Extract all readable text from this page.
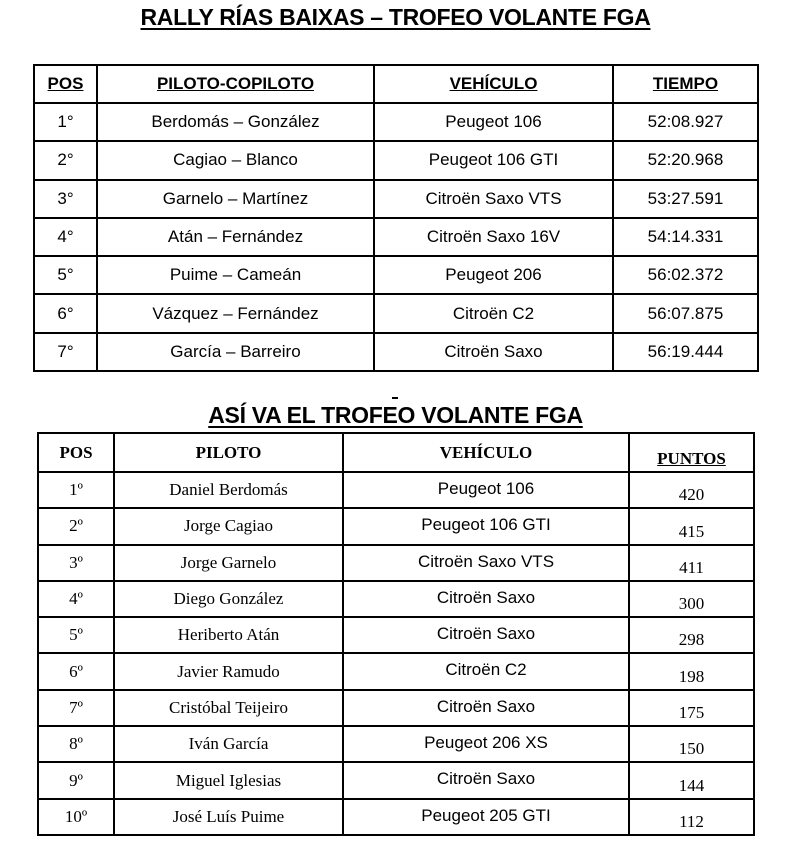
RALLY RÍAS BAIXAS – TROFEO VOLANTE FGA
POS	PILOTO-COPILOTO	VEHÍCULO	TIEMPO
1°	Berdomás – González	Peugeot 106	52:08.927
2°	Cagiao – Blanco	Peugeot 106 GTI	52:20.968
3°	Garnelo – Martínez	Citroën Saxo VTS	53:27.591
4°	Atán – Fernández	Citroën Saxo 16V	54:14.331
5°	Puime – Cameán	Peugeot 206	56:02.372
6°	Vázquez – Fernández	Citroën C2	56:07.875
7°	García – Barreiro	Citroën Saxo	56:19.444
ASÍ VA EL TROFEO VOLANTE FGA
POS	PILOTO	VEHÍCULO	PUNTOS
1º	Daniel Berdomás	Peugeot 106	420
2º	Jorge Cagiao	Peugeot 106 GTI	415
3º	Jorge Garnelo	Citroën Saxo VTS	411
4º	Diego González	Citroën Saxo	300
5º	Heriberto Atán	Citroën Saxo	298
6º	Javier Ramudo	Citroën C2	198
7º	Cristóbal Teijeiro	Citroën Saxo	175
8º	Iván García	Peugeot 206 XS	150
9º	Miguel Iglesias	Citroën Saxo	144
10º	José Luís Puime	Peugeot 205 GTI	112
